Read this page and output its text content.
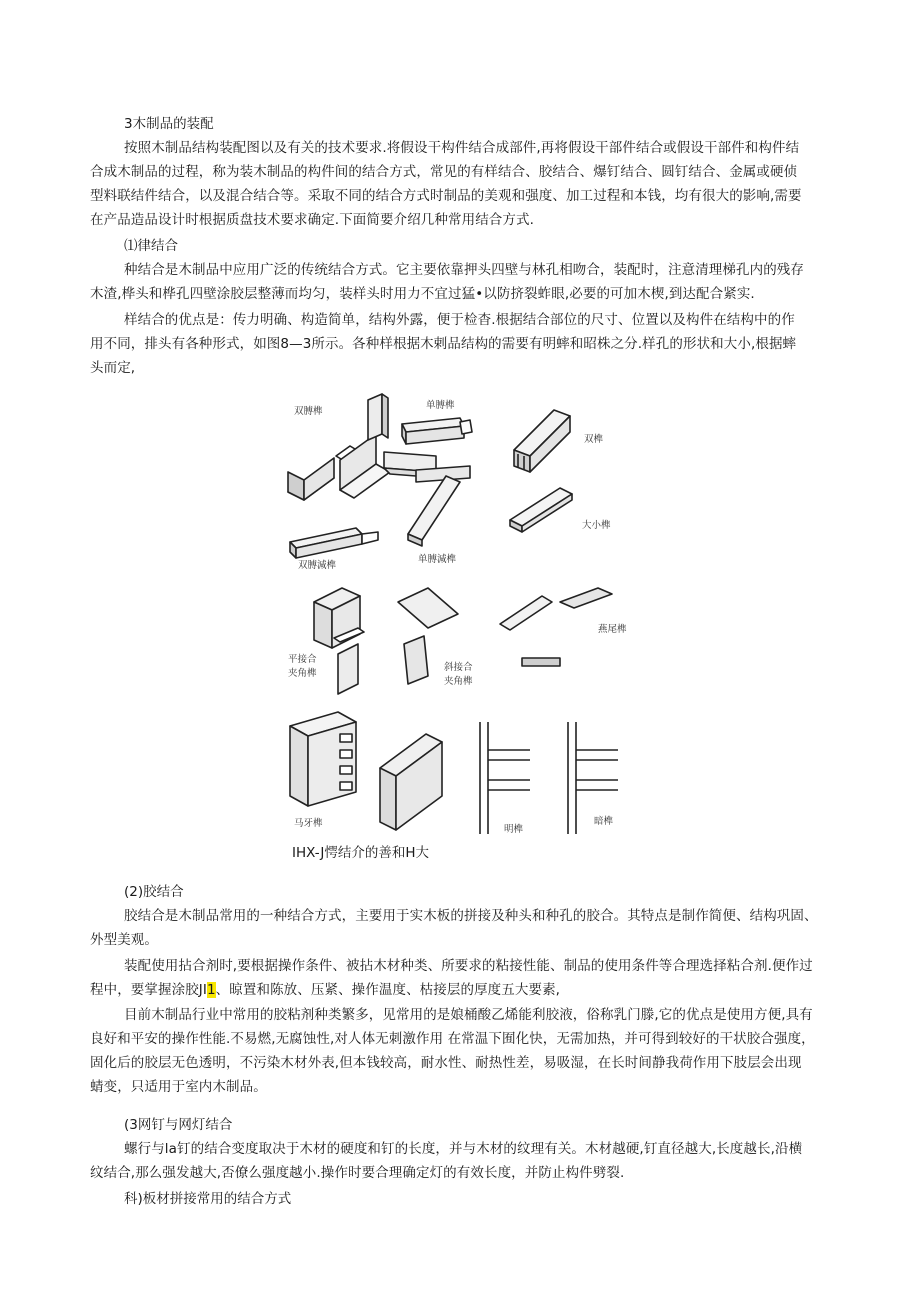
3木制品的装配
按照木制品结构装配图以及有关的技术要求.将假设干构件结合成部件,再将假设干部件结合或假设干部件和构件结
合成木制品的过程，称为装木制品的构件间的结合方式，常见的有样结合、胶结合、爆钉结合、圆钉结合、金属或硬侦
型料联结件结合，以及混合结合等。采取不同的结合方式时制品的美观和强度、加工过程和本钱，均有很大的影响,需要
在产品造品设计时根据质盘技术要求确定.下面简要介绍几种常用结合方式.
⑴律结合
种结合是木制品中应用广泛的传统结合方式。它主要依靠押头四壁与林孔相吻合，装配时，注意清理梯孔内的残存
木渣,桦头和桦孔四壁涂胶层整薄而均匀，装样头时用力不宜过猛•以防挤裂蚱眼,必要的可加木楔,到达配合紧实.
样结合的优点是：传力明确、构造简单，结构外露，便于检杳.根据结合部位的尺寸、位置以及构件在结构中的作
用不同，排头有各种形式，如图8—3所示。各种样根据木剌品结构的需要有明蟀和昭株之分.样孔的形状和大小,根据蟀
头而定,
双膊榫
单膊榫
双榫
大小榫
双膊減榫
单膊減榫
平接合
夹角榫
斜接合
夹角榫
燕尾榫
马牙榫
明榫
暗榫
IHX-J愕结介的善和H大
(2)胶结合
胶结合是木制品常用的一种结合方式，主要用于实木板的拼接及种头和种孔的胶合。其特点是制作简便、结构巩固、
外型美观。
装配使用拈合剂时,要根据操作条件、被拈木材种类、所要求的粘接性能、制品的使用条件等合理选择粘合剂.便作过
程中，要掌握涂胶JI1、晾置和陈放、压紧、操作温度、枯接层的厚度五大要素,
目前木制品行业中常用的胶粘剂种类繁多，见常用的是娘桶酸乙烯能利胶液，俗称乳门滕,它的优点是使用方便,具有
良好和平安的操作性能.不易燃,无腐蚀性,对人体无刺激作用 在常温下囿化快，无需加热，并可得到较好的干状胶合强度，
固化后的胶层无色透明，不污染木材外表,但本钱较高，耐水性、耐热性差，易吸湿，在长时间静我荷作用下肢层会出现
蜻变，只适用于室内木制品。
(3网钉与网灯结合
螺行与la钉的结合变度取决于木材的硬度和钉的长度，并与木材的纹理有关。木材越硬,钉直径越大,长度越长,沿横
纹结合,那么强发越大,否僚么强度越小.操作时要合理确定灯的有效长度，并防止构件劈裂.
科)板材拼接常用的结合方式
